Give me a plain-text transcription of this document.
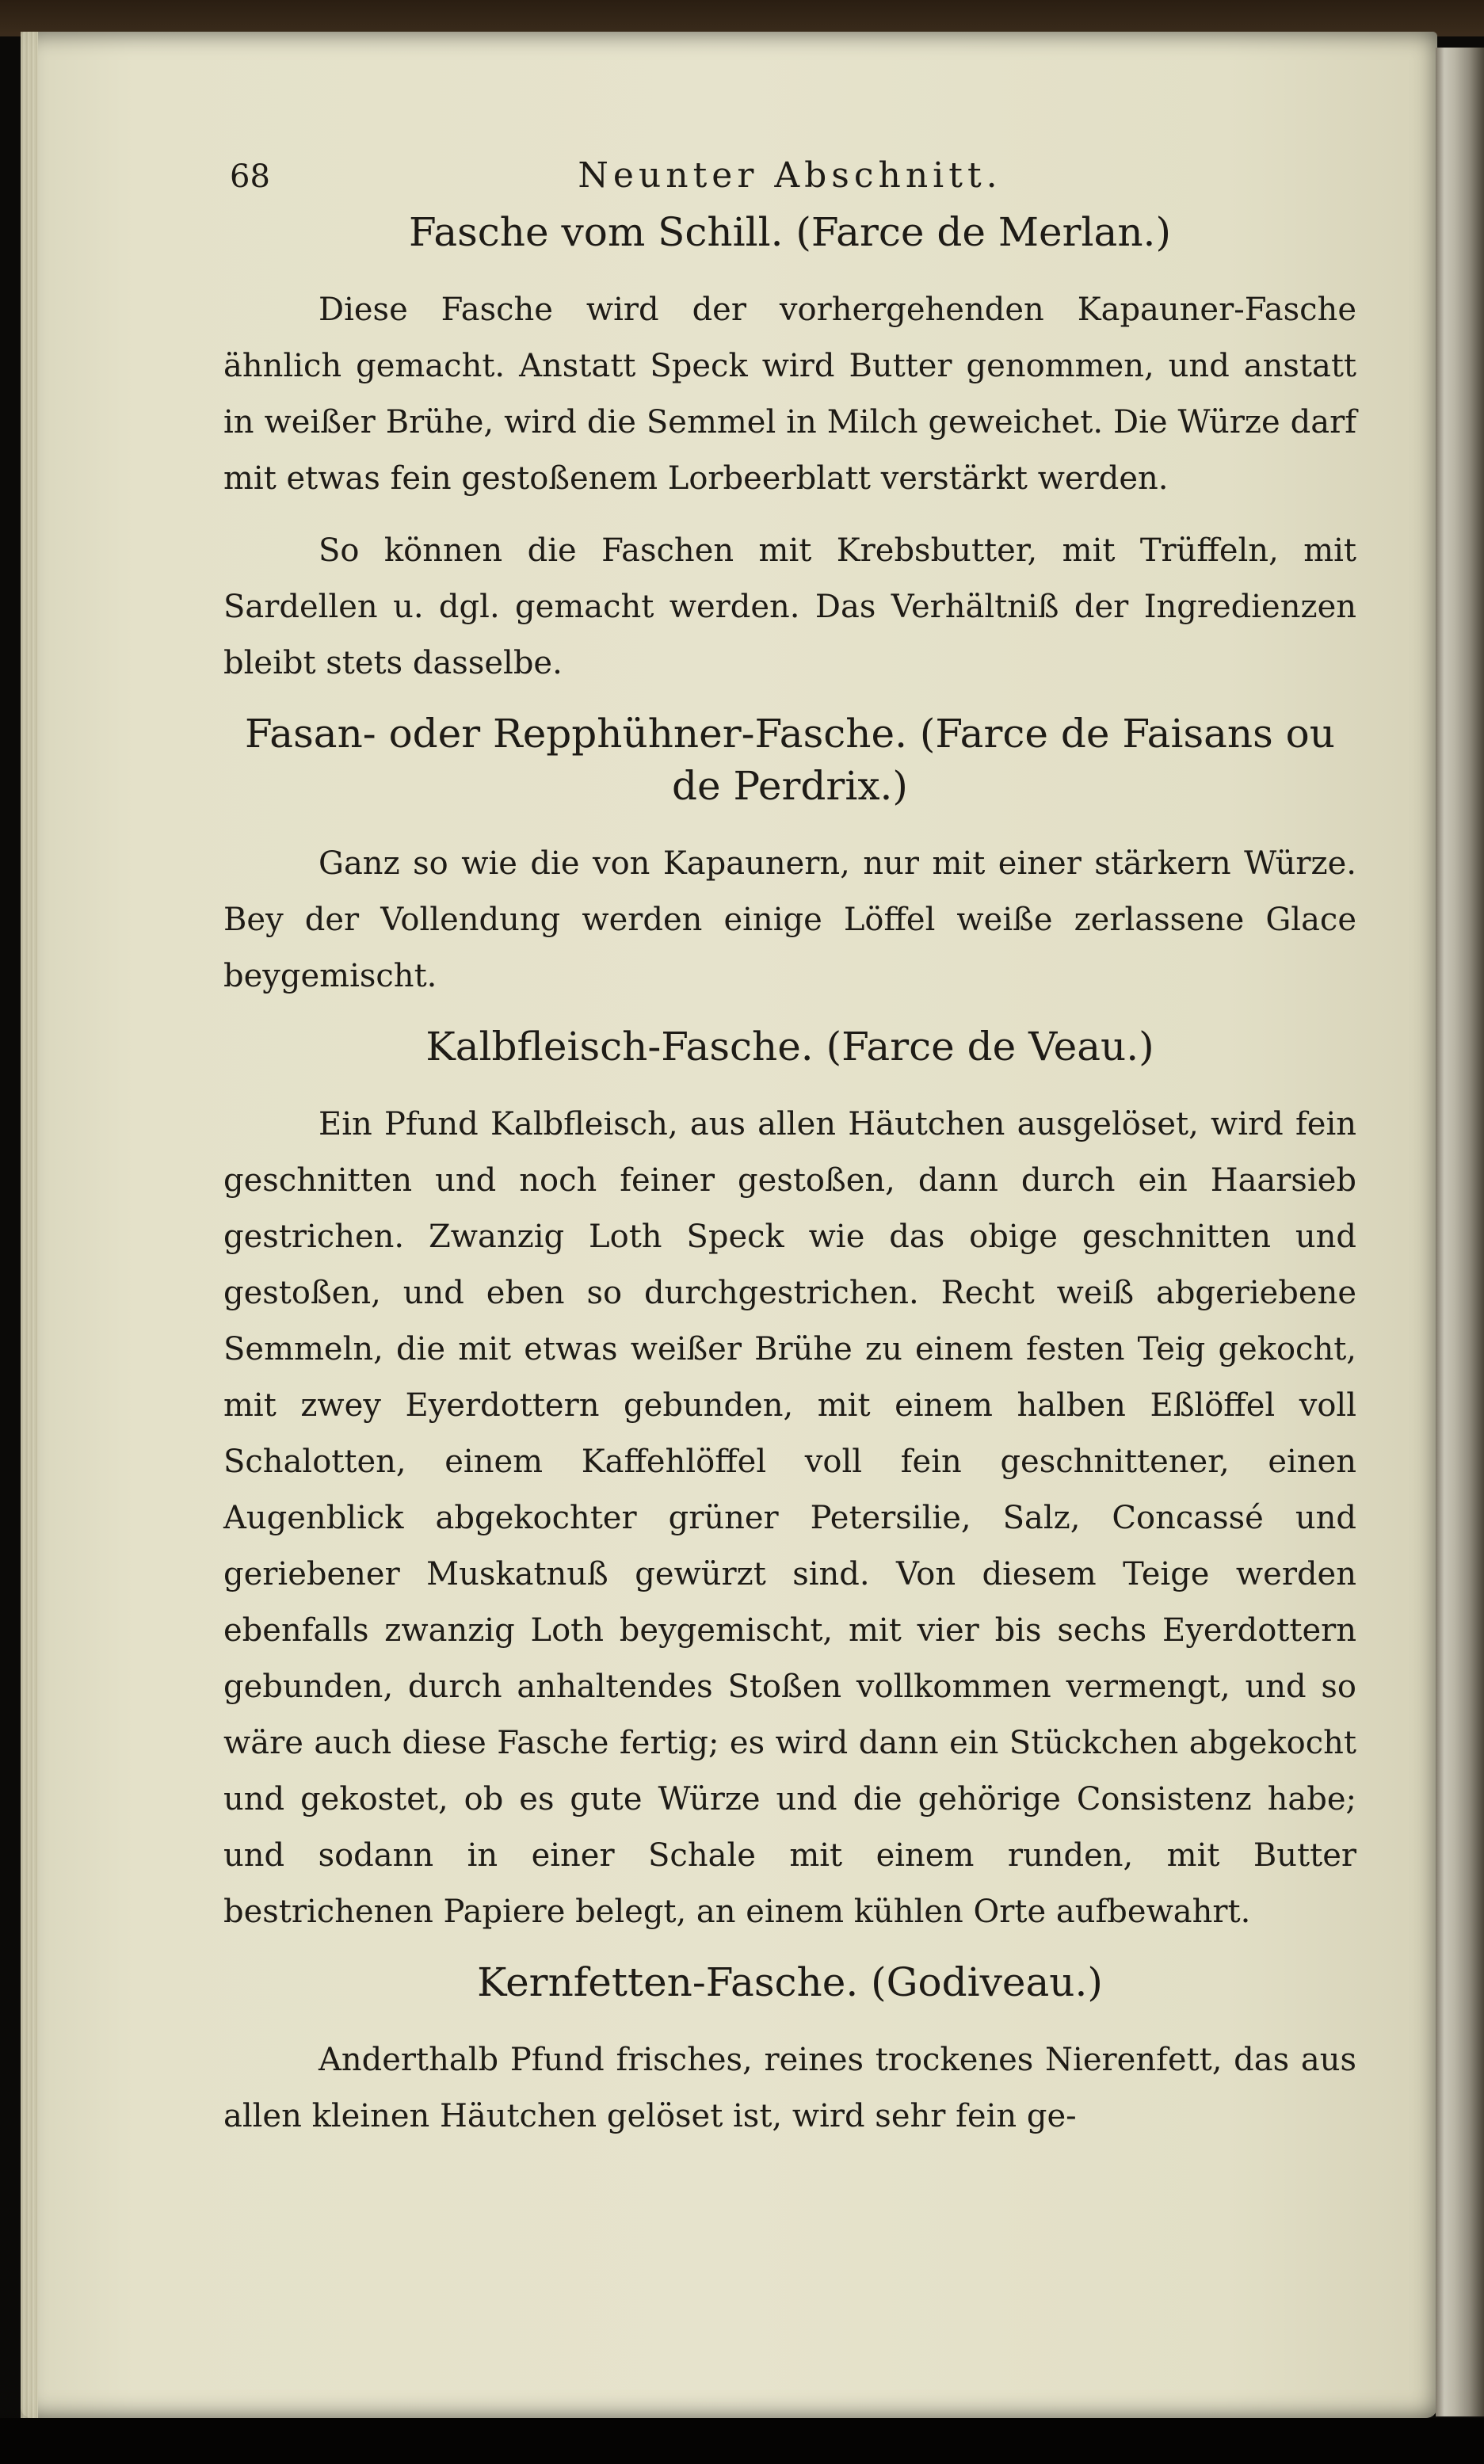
68	Neunter Abschnitt.
Fasche vom Schill. (Farce de Merlan.)

Diese Fasche wird der vorhergehenden Kapauner-Fasche ähnlich gemacht. Anstatt Speck wird Butter genommen, und anstatt in weißer Brühe, wird die Semmel in Milch geweichet. Die Würze darf mit etwas fein gestoßenem Lorbeerblatt verstärkt werden.

So können die Faschen mit Krebsbutter, mit Trüffeln, mit Sardellen u. dgl. gemacht werden. Das Verhältniß der Ingredienzen bleibt stets dasselbe.

Fasan- oder Repphühner-Fasche. (Farce de Faisans ou de Perdrix.)

Ganz so wie die von Kapaunern, nur mit einer stärkern Würze. Bey der Vollendung werden einige Löffel weiße zerlassene Glace beygemischt.

Kalbfleisch-Fasche. (Farce de Veau.)

Ein Pfund Kalbfleisch, aus allen Häutchen ausgelöset, wird fein geschnitten und noch feiner gestoßen, dann durch ein Haarsieb gestrichen. Zwanzig Loth Speck wie das obige geschnitten und gestoßen, und eben so durchgestrichen. Recht weiß abgeriebene Semmeln, die mit etwas weißer Brühe zu einem festen Teig gekocht, mit zwey Eyerdottern gebunden, mit einem halben Eßlöffel voll Schalotten, einem Kaffehlöffel voll fein geschnittener, einen Augenblick abgekochter grüner Petersilie, Salz, Concassé und geriebener Muskatnuß gewürzt sind. Von diesem Teige werden ebenfalls zwanzig Loth beygemischt, mit vier bis sechs Eyerdottern gebunden, durch anhaltendes Stoßen vollkommen vermengt, und so wäre auch diese Fasche fertig; es wird dann ein Stückchen abgekocht und gekostet, ob es gute Würze und die gehörige Consistenz habe; und sodann in einer Schale mit einem runden, mit Butter bestrichenen Papiere belegt, an einem kühlen Orte aufbewahrt.

Kernfetten-Fasche. (Godiveau.)

Anderthalb Pfund frisches, reines trockenes Nierenfett, das aus allen kleinen Häutchen gelöset ist, wird sehr fein ge-
